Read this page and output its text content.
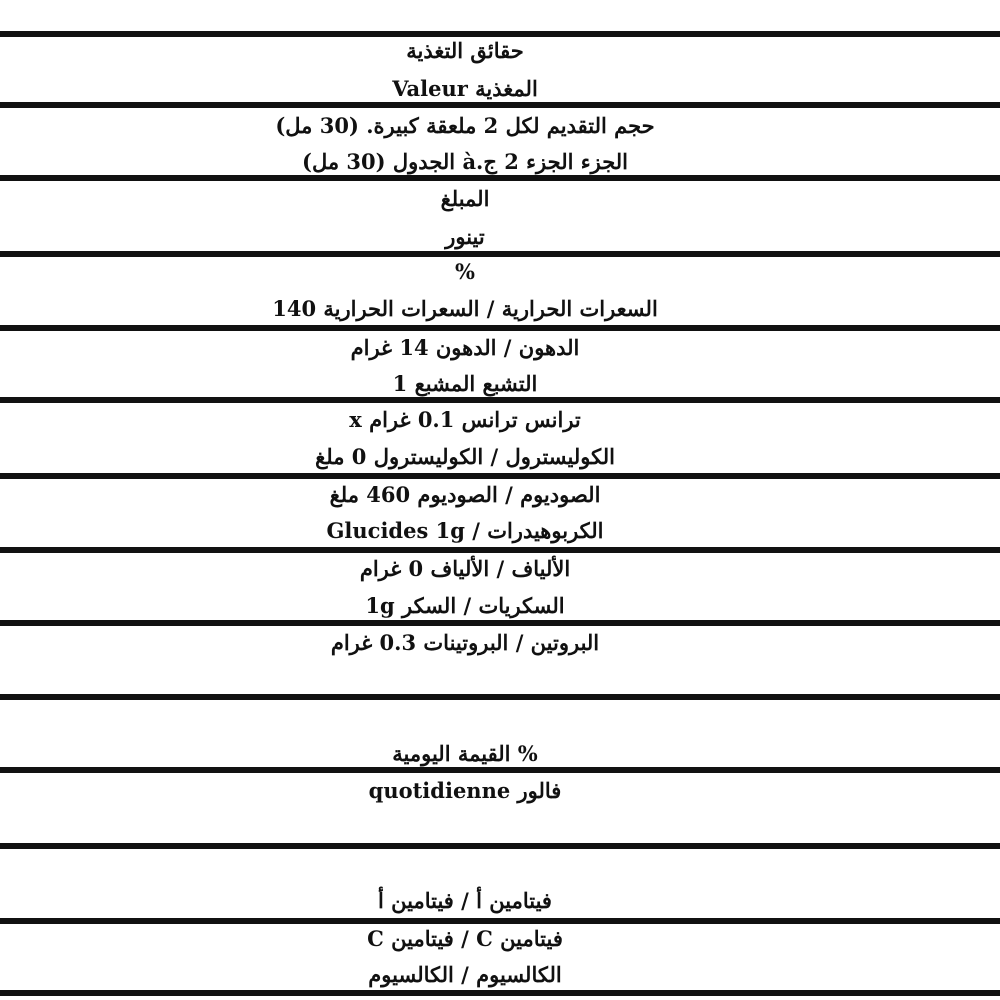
حقائق التغذية
Valeur المغذية
حجم التقديم لكل 2 ملعقة كبيرة. (30 مل)
الجزء الجزء 2 ج.à الجدول (30 مل)
المبلغ
تينور
%
السعرات الحرارية / السعرات الحرارية 140
الدهون / الدهون 14 غرام
التشبع المشبع 1
x ترانس ترانس 0.1 غرام
الكوليسترول / الكوليسترول 0 ملغ
الصوديوم / الصوديوم 460 ملغ
الكربوهيدرات / Glucides 1g
الألياف / الألياف 0 غرام
السكريات / السكر 1g
البروتين / البروتينات 0.3 غرام
% القيمة اليومية
فالور quotidienne
فيتامين أ / فيتامين أ
فيتامين C / فيتامين C
الكالسيوم / الكالسيوم
